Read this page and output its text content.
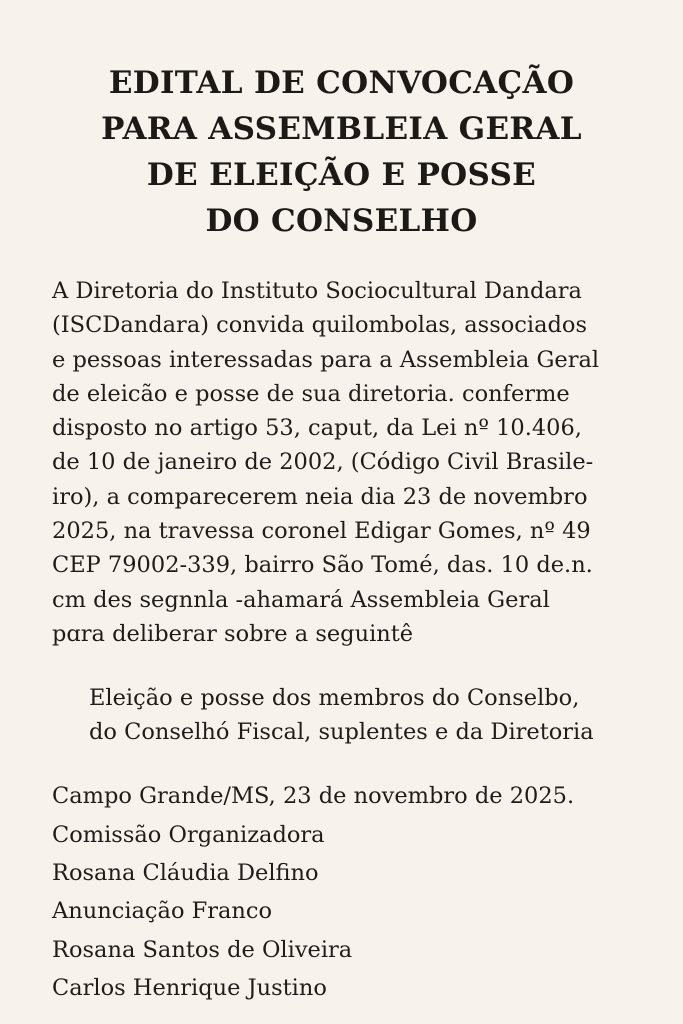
EDITAL DE CONVOCAÇÃO
PARA ASSEMBLEIA GERAL
DE ELEIÇÃO E POSSE
DO CONSELHO

A Diretoria do Instituto Sociocultural Dandara
(ISCDandara) convida quilombolas, associados
e pessoas interessadas para a Assembleia Geral
de eleicão e posse de sua diretoria. conferme
disposto no artigo 53, caput, da Lei nº 10.406,
de 10 de janeiro de 2002, (Código Civil Brasile-
iro), a comparecerem neia dia 23 de novembro
2025, na travessa coronel Edigar Gomes, nº 49
CEP 79002-339, bairro São Tomé, das. 10 de.n.
cm des segnnla -ahamará Assembleia Geral
pɑra deliberar sobre a seguintê

Eleição e posse dos membros do Conselbo,
do Conselhó Fiscal, suplentes e da Diretoria
Campo Grande/MS, 23 de novembro de 2025.
Comissão Organizadora
Rosana Cláudia Delfino
Anunciação Franco
Rosana Santos de Oliveira
Carlos Henrique Justino
